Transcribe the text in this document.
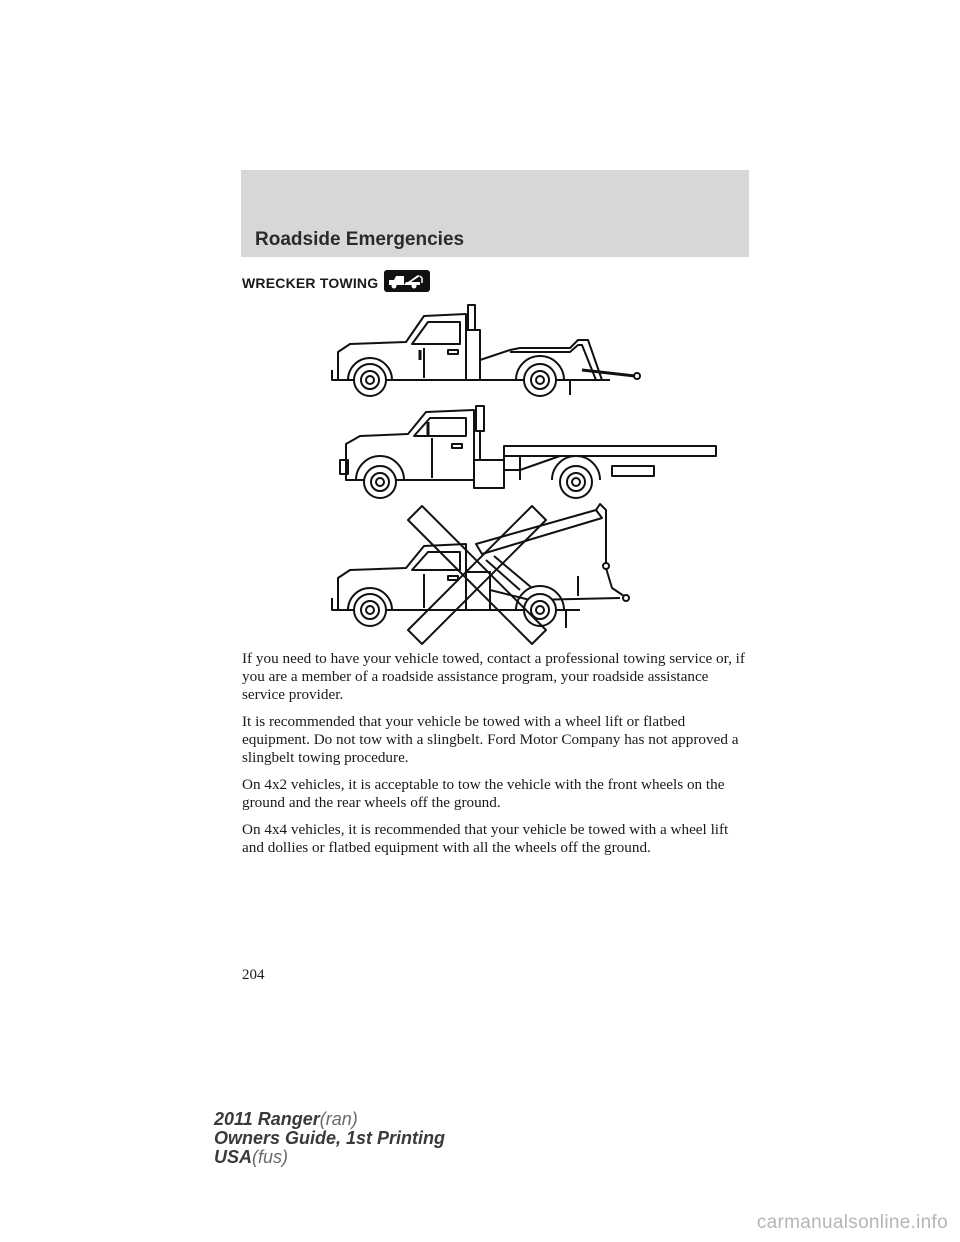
Roadside Emergencies
WRECKER TOWING

If you need to have your vehicle towed, contact a professional towing service or, if you are a member of a roadside assistance program, your roadside assistance service provider.

It is recommended that your vehicle be towed with a wheel lift or flatbed equipment. Do not tow with a slingbelt. Ford Motor Company has not approved a slingbelt towing procedure.

On 4x2 vehicles, it is acceptable to tow the vehicle with the front wheels on the ground and the rear wheels off the ground.

On 4x4 vehicles, it is recommended that your vehicle be towed with a wheel lift and dollies or flatbed equipment with all the wheels off the ground.

204
2011 Ranger(ran)
Owners Guide, 1st Printing
USA(fus)
carmanualsonline.info
